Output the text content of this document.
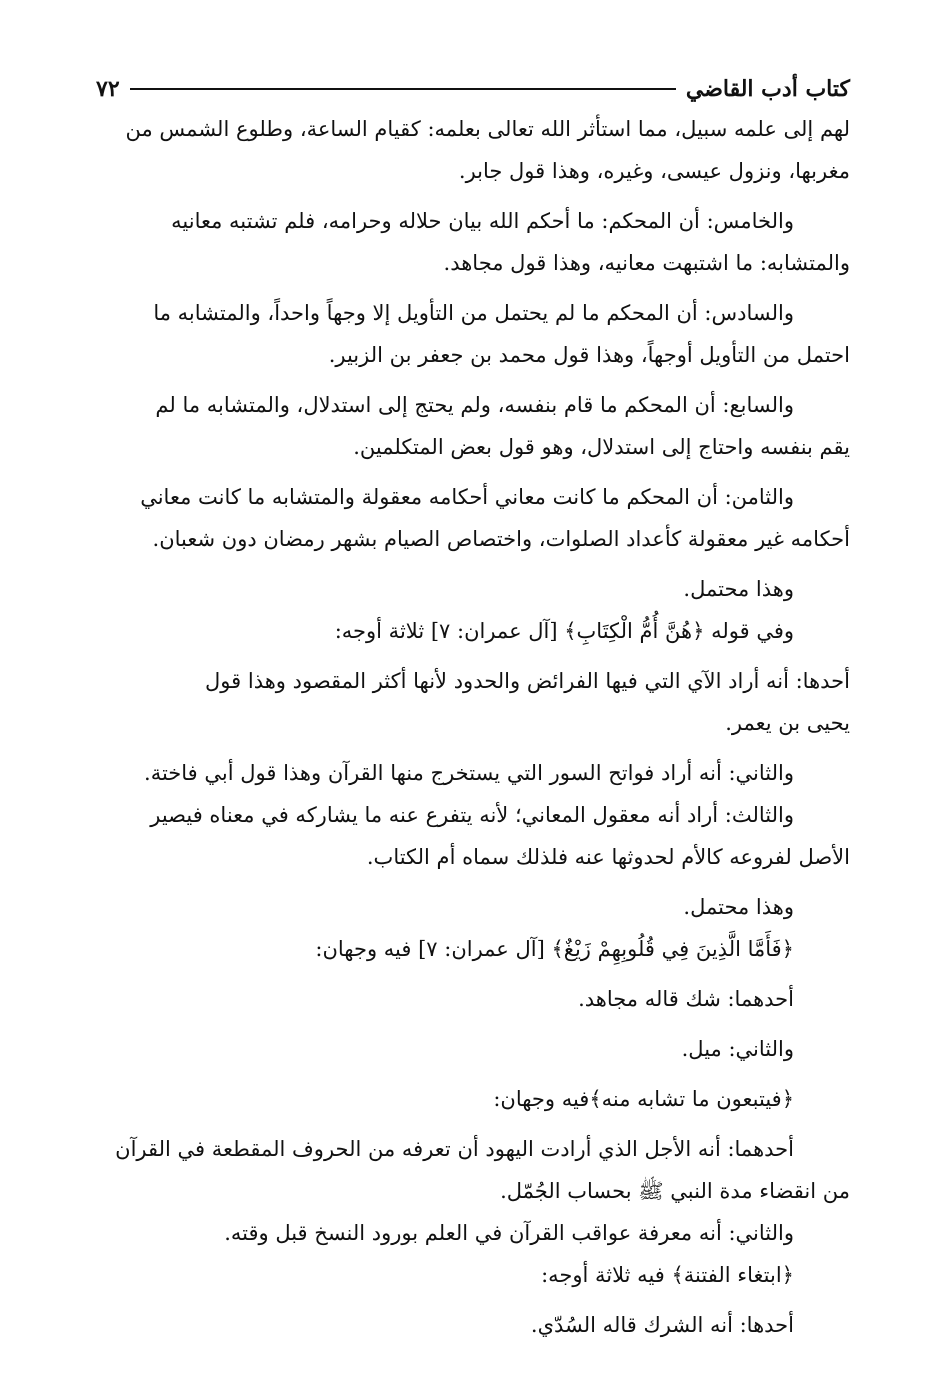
٧٢	كتاب أدب القاضي
لهم إلى علمه سبيل، مما استأثر الله تعالى بعلمه: كقيام الساعة، وطلوع الشمس من
مغربها، ونزول عيسى، وغيره، وهذا قول جابر.
والخامس: أن المحكم: ما أحكم الله بيان حلاله وحرامه، فلم تشتبه معانيه
والمتشابه: ما اشتبهت معانيه، وهذا قول مجاهد.
والسادس: أن المحكم ما لم يحتمل من التأويل إلا وجهاً واحداً، والمتشابه ما
احتمل من التأويل أوجهاً، وهذا قول محمد بن جعفر بن الزبير.
والسابع: أن المحكم ما قام بنفسه، ولم يحتج إلى استدلال، والمتشابه ما لم
يقم بنفسه واحتاج إلى استدلال، وهو قول بعض المتكلمين.
والثامن: أن المحكم ما كانت معاني أحكامه معقولة والمتشابه ما كانت معاني
أحكامه غير معقولة كأعداد الصلوات، واختصاص الصيام بشهر رمضان دون شعبان.
وهذا محتمل.
وفي قوله ﴿هُنَّ أُمُّ الْكِتَابِ﴾ [آل عمران: ٧] ثلاثة أوجه:
أحدها: أنه أراد الآي التي فيها الفرائض والحدود لأنها أكثر المقصود وهذا قول
يحيى بن يعمر.
والثاني: أنه أراد فواتح السور التي يستخرج منها القرآن وهذا قول أبي فاختة.
والثالث: أراد أنه معقول المعاني؛ لأنه يتفرع عنه ما يشاركه في معناه فيصير
الأصل لفروعه كالأم لحدوثها عنه فلذلك سماه أم الكتاب.
وهذا محتمل.
﴿فَأَمَّا الَّذِينَ فِي قُلُوبِهِمْ زَيْغٌ﴾ [آل عمران: ٧] فيه وجهان:
أحدهما: شك قاله مجاهد.
والثاني: ميل.
﴿فيتبعون ما تشابه منه﴾فيه وجهان:
أحدهما: أنه الأجل الذي أرادت اليهود أن تعرفه من الحروف المقطعة في القرآن
من انقضاء مدة النبي ﷺ بحساب الجُمّل.
والثاني: أنه معرفة عواقب القرآن في العلم بورود النسخ قبل وقته.
﴿ابتغاء الفتنة﴾ فيه ثلاثة أوجه:
أحدها: أنه الشرك قاله السُدّي.
